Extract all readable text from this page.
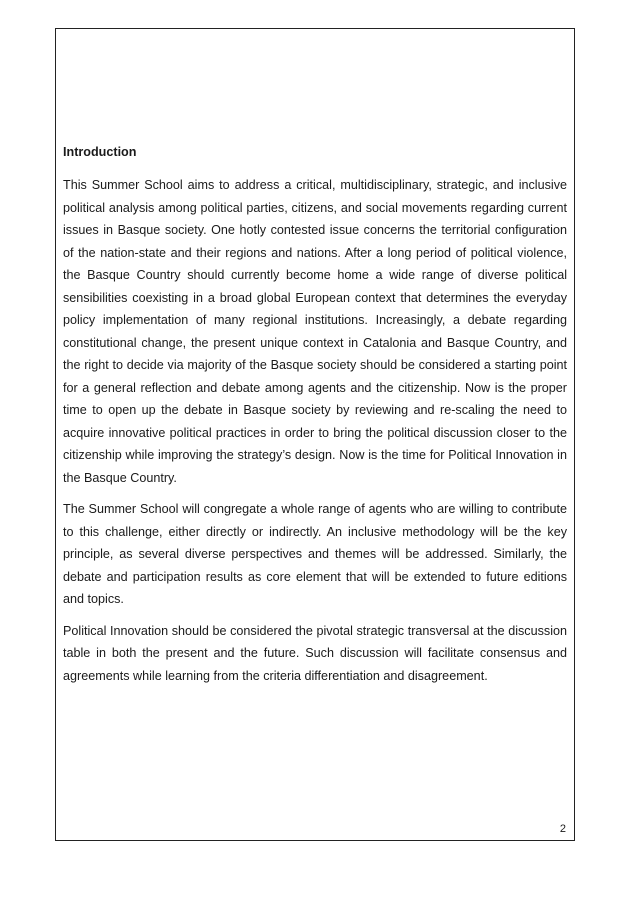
Introduction

This Summer School aims to address a critical, multidisciplinary, strategic, and inclusive political analysis among political parties, citizens, and social movements regarding current issues in Basque society. One hotly contested issue concerns the territorial configuration of the nation-state and their regions and nations. After a long period of political violence, the Basque Country should currently become home a wide range of diverse political sensibilities coexisting in a broad global European context that determines the everyday policy implementation of many regional institutions. Increasingly, a debate regarding constitutional change, the present unique context in Catalonia and Basque Country, and the right to decide via majority of the Basque society should be considered a starting point for a general reflection and debate among agents and the citizenship. Now is the proper time to open up the debate in Basque society by reviewing and re-scaling the need to acquire innovative political practices in order to bring the political discussion closer to the citizenship while improving the strategy’s design. Now is the time for Political Innovation in the Basque Country.

The Summer School will congregate a whole range of agents who are willing to contribute to this challenge, either directly or indirectly. An inclusive methodology will be the key principle, as several diverse perspectives and themes will be addressed. Similarly, the debate and participation results as core element that will be extended to future editions and topics.

Political Innovation should be considered the pivotal strategic transversal at the discussion table in both the present and the future. Such discussion will facilitate consensus and agreements while learning from the criteria differentiation and disagreement.

2
